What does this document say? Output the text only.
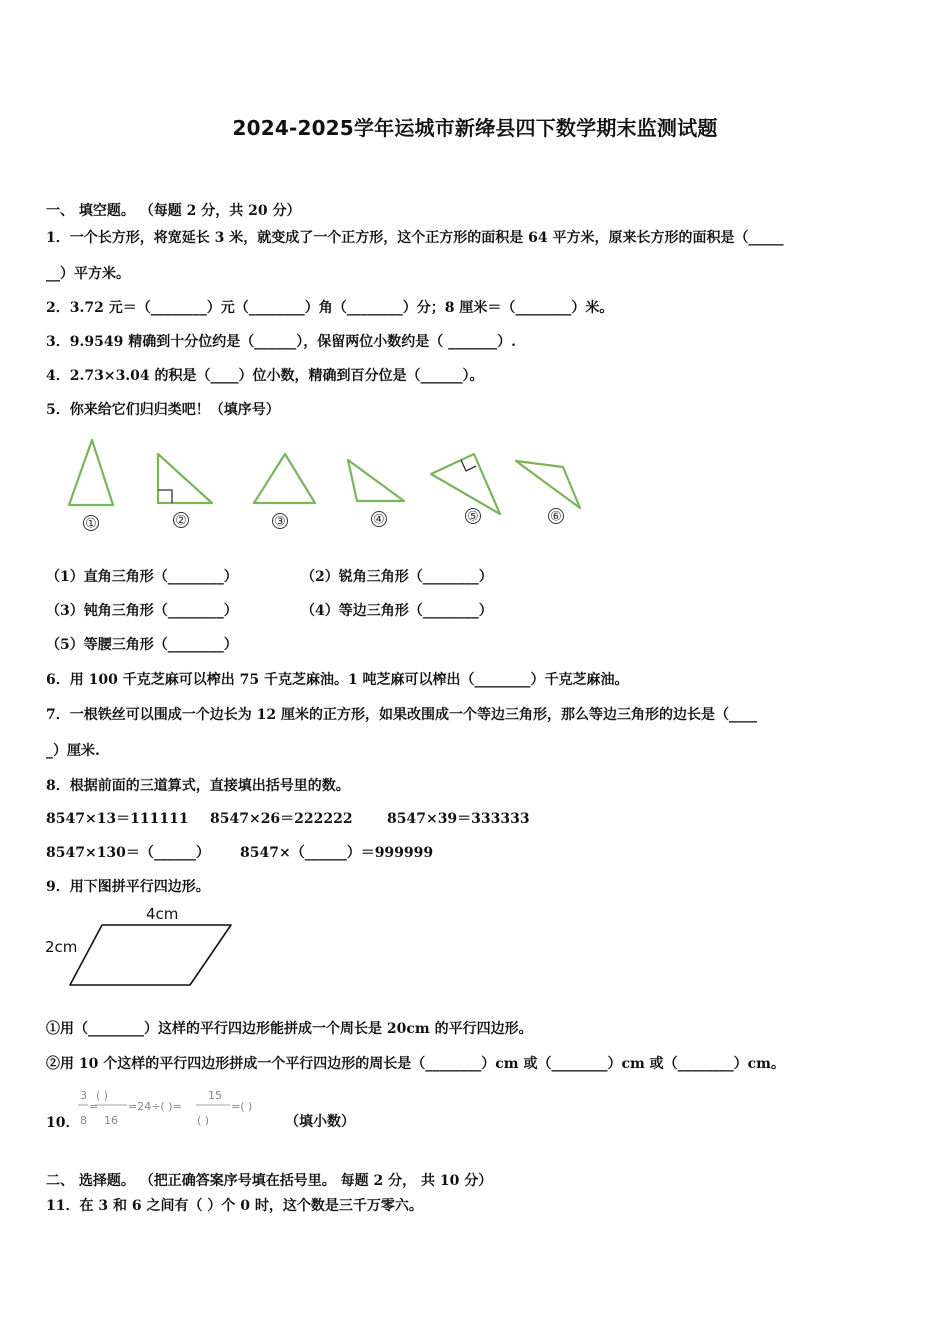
2024-2025学年运城市新绛县四下数学期末监测试题
一、 填空题。 （每题 2 分，共 20 分）
1．一个长方形，将宽延长 3 米，就变成了一个正方形，这个正方形的面积是 64 平方米，原来长方形的面积是（_____
__）平方米。
2．3.72 元＝（________）元（________）角（________）分；8 厘米＝（________）米。
3．9.9549 精确到十分位约是（______），保留两位小数约是（ _______）.
4．2.73×3.04 的积是（____）位小数，精确到百分位是（______）。
5．你来给它们归归类吧！（填序号）
①	②	③	④	⑤	⑥
（1）直角三角形（________）	（2）锐角三角形（________）
（3）钝角三角形（________）	（4）等边三角形（________）
（5）等腰三角形（________）
6．用 100 千克芝麻可以榨出 75 千克芝麻油。1 吨芝麻可以榨出（________）千克芝麻油。
7．一根铁丝可以围成一个边长为 12 厘米的正方形，如果改围成一个等边三角形，那么等边三角形的边长是（____
_）厘米.
8．根据前面的三道算式，直接填出括号里的数。
8547×13＝111111 8547×26＝222222 8547×39＝333333
8547×130＝（______） 8547×（______）＝999999
9．用下图拼平行四边形。
4cm
2cm
①用（________）这样的平行四边形能拼成一个周长是 20cm 的平行四边形。
②用 10 个这样的平行四边形拼成一个平行四边形的周长是（________）cm 或（________）cm 或（________）cm。
10．
3
8
=
( )
16
=24÷( )=
15
( )
=( )
（填小数）
二、 选择题。 （把正确答案序号填在括号里。 每题 2 分， 共 10 分）
11．在 3 和 6 之间有（ ）个 0 时，这个数是三千万零六。
